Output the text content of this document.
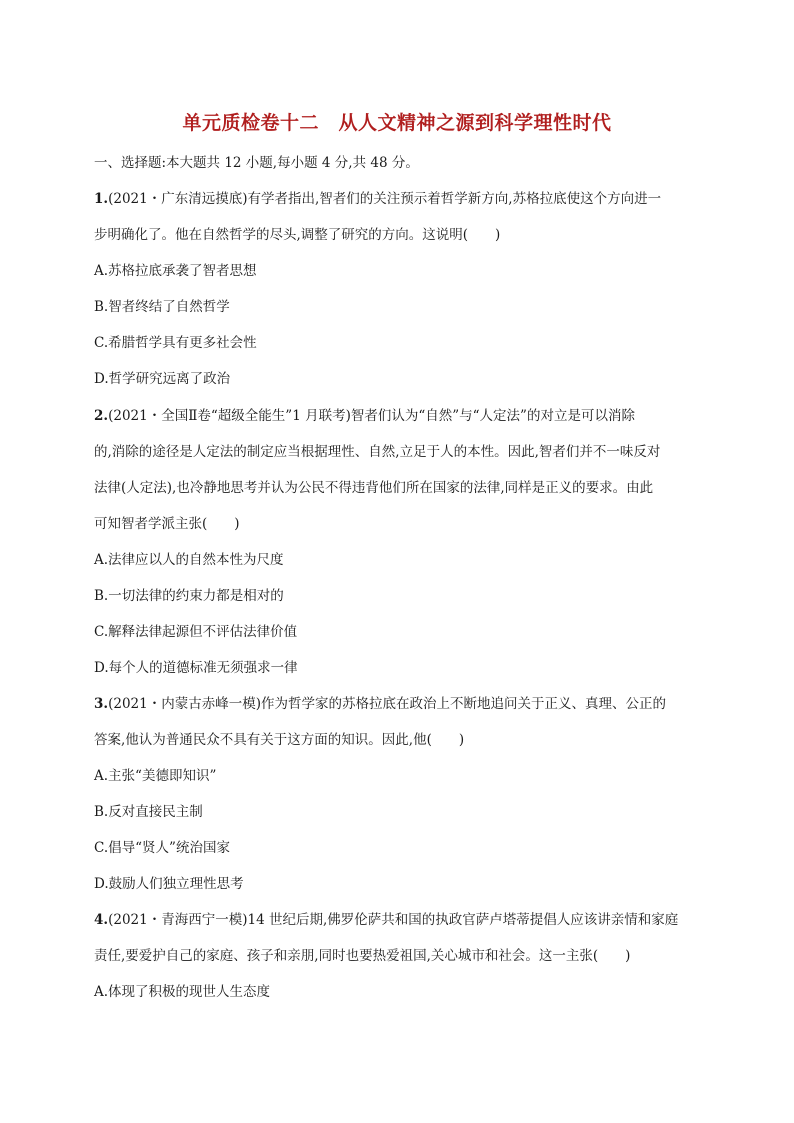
单元质检卷十二　从人文精神之源到科学理性时代
一、选择题:本大题共 12 小题,每小题 4 分,共 48 分。
1.(2021・广东清远摸底)有学者指出,智者们的关注预示着哲学新方向,苏格拉底使这个方向进一
步明确化了。他在自然哲学的尽头,调整了研究的方向。这说明(　　)
A.苏格拉底承袭了智者思想
B.智者终结了自然哲学
C.希腊哲学具有更多社会性
D.哲学研究远离了政治
2.(2021・全国Ⅱ卷“超级全能生”1 月联考)智者们认为“自然”与“人定法”的对立是可以消除
的,消除的途径是人定法的制定应当根据理性、自然,立足于人的本性。因此,智者们并不一味反对
法律(人定法),也冷静地思考并认为公民不得违背他们所在国家的法律,同样是正义的要求。由此
可知智者学派主张(　　)
A.法律应以人的自然本性为尺度
B.一切法律的约束力都是相对的
C.解释法律起源但不评估法律价值
D.每个人的道德标准无须强求一律
3.(2021・内蒙古赤峰一模)作为哲学家的苏格拉底在政治上不断地追问关于正义、真理、公正的
答案,他认为普通民众不具有关于这方面的知识。因此,他(　　)
A.主张“美德即知识”
B.反对直接民主制
C.倡导“贤人”统治国家
D.鼓励人们独立理性思考
4.(2021・青海西宁一模)14 世纪后期,佛罗伦萨共和国的执政官萨卢塔蒂提倡人应该讲亲情和家庭
责任,要爱护自己的家庭、孩子和亲朋,同时也要热爱祖国,关心城市和社会。这一主张(　　)
A.体现了积极的现世人生态度
